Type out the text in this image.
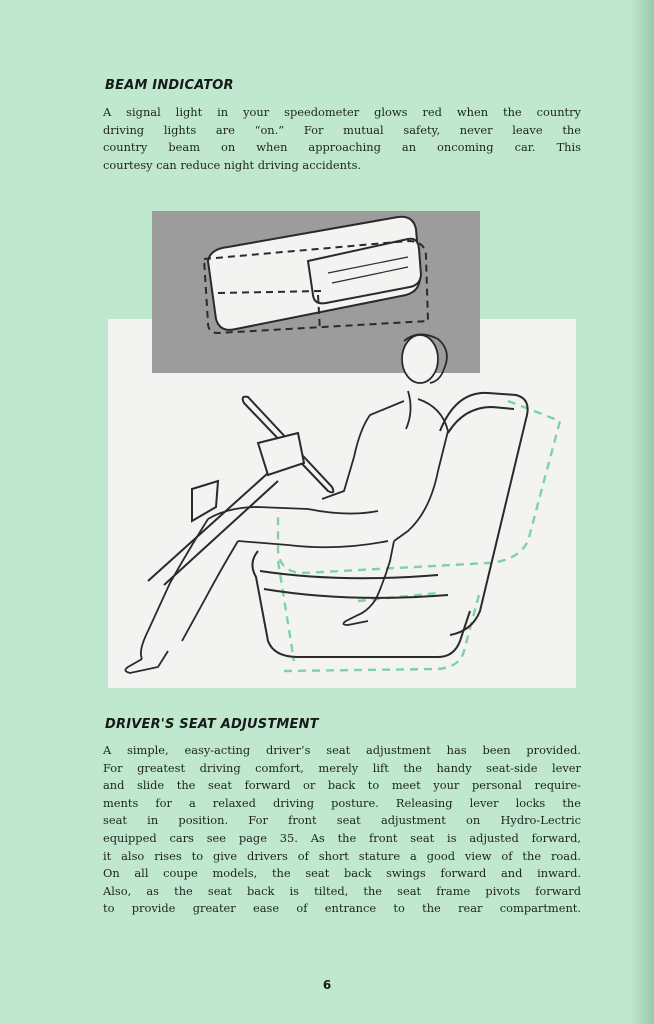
BEAM INDICATOR

A signal light in your speedometer glows red when the country
driving lights are “on.” For mutual safety, never leave the
country beam on when approaching an oncoming car. This
courtesy can reduce night driving accidents.

DRIVER'S SEAT ADJUSTMENT

A simple, easy-acting driver’s seat adjustment has been provided.
For greatest driving comfort, merely lift the handy seat-side lever
and slide the seat forward or back to meet your personal require-
ments for a relaxed driving posture. Releasing lever locks the
seat in position. For front seat adjustment on Hydro-Lectric
equipped cars see page 35. As the front seat is adjusted forward,
it also rises to give drivers of short stature a good view of the road.
On all coupe models, the seat back swings forward and inward.
Also, as the seat back is tilted, the seat frame pivots forward
to provide greater ease of entrance to the rear compartment.

6
